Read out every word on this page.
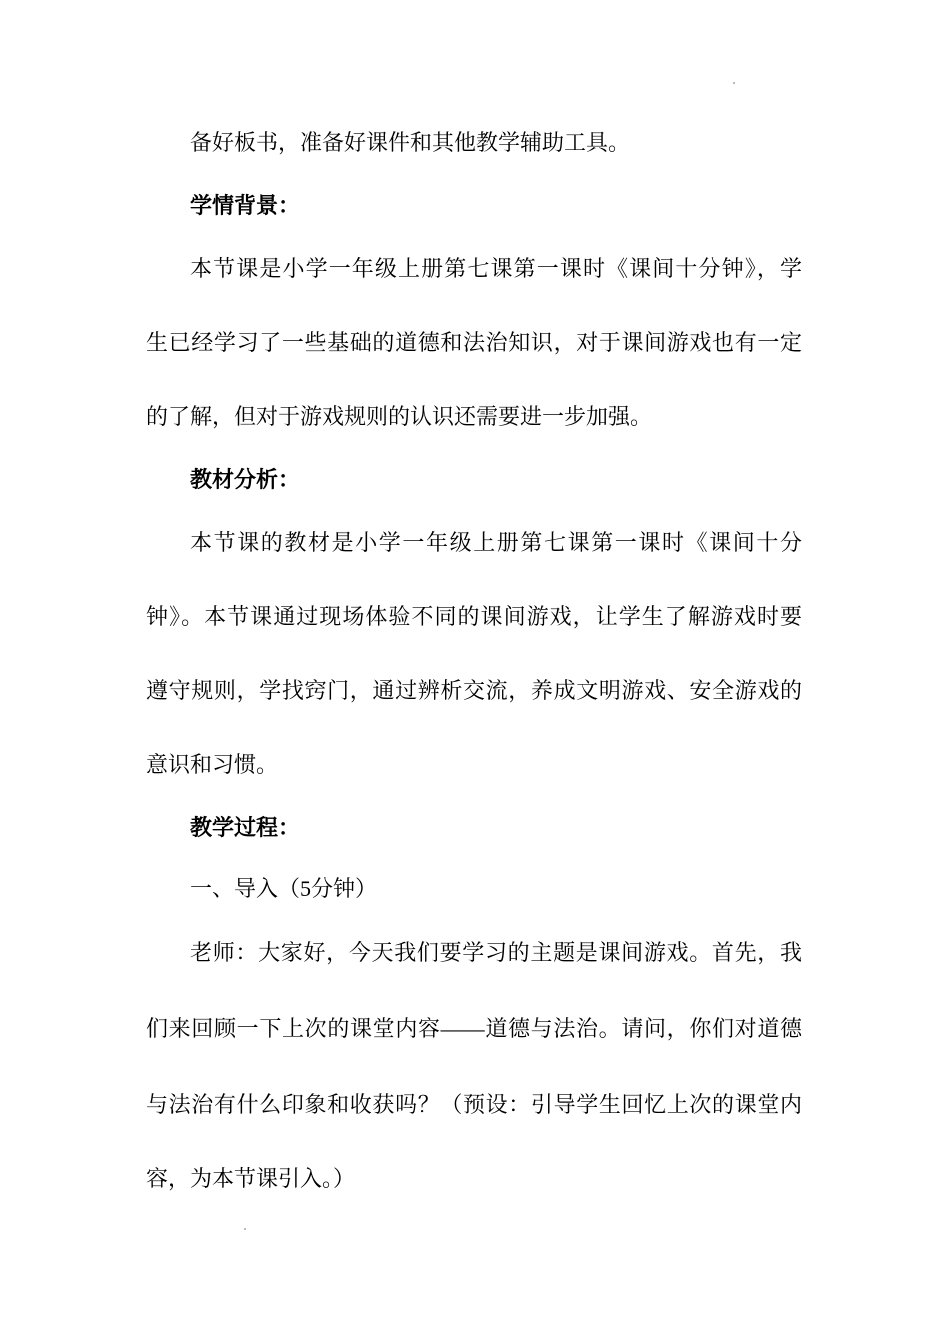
备好板书，准备好课件和其他教学辅助工具。
学情背景：
本节课是小学一年级上册第七课第一课时《课间十分钟》，学
生已经学习了一些基础的道德和法治知识，对于课间游戏也有一定
的了解，但对于游戏规则的认识还需要进一步加强。
教材分析：
本节课的教材是小学一年级上册第七课第一课时《课间十分
钟》。本节课通过现场体验不同的课间游戏，让学生了解游戏时要
遵守规则，学找窍门，通过辨析交流，养成文明游戏、安全游戏的
意识和习惯。
教学过程：
一、导入（5分钟）
老师：大家好，今天我们要学习的主题是课间游戏。首先，我
们来回顾一下上次的课堂内容——道德与法治。请问，你们对道德
与法治有什么印象和收获吗？（预设：引导学生回忆上次的课堂内
容，为本节课引入。）
